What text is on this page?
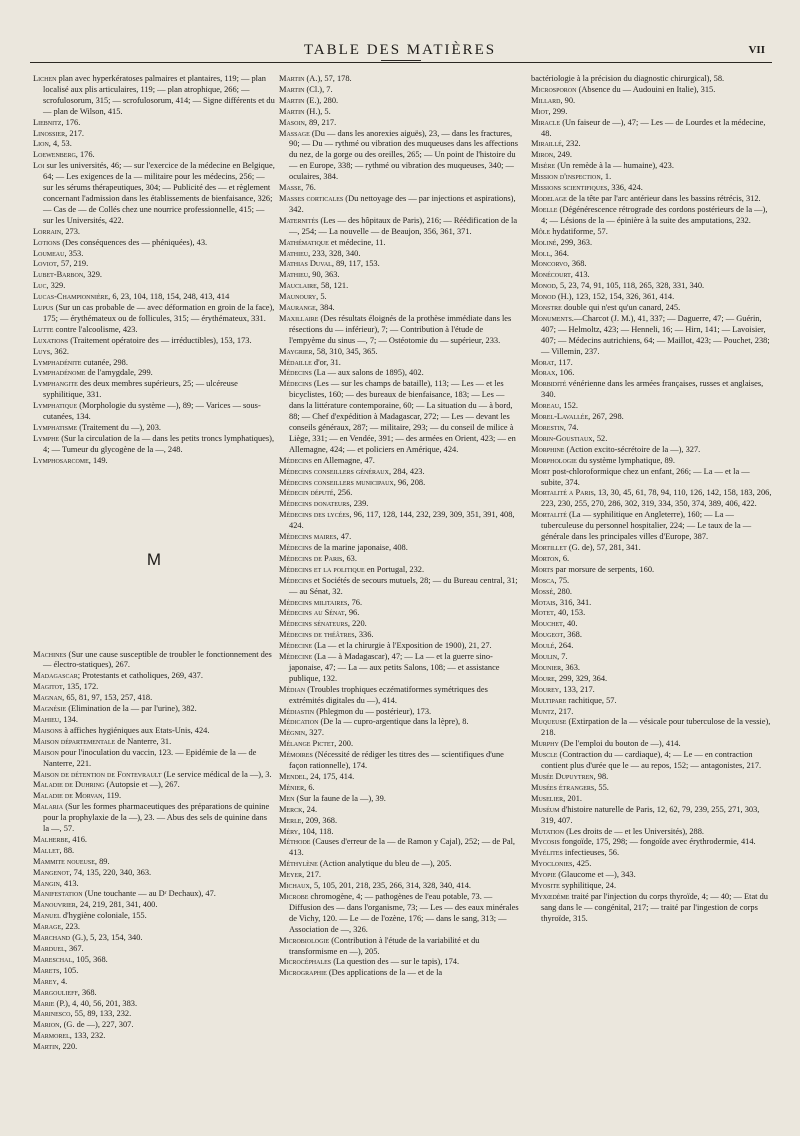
TABLE DES MATIÈRES	VII

Lichen plan avec hyperkératoses palmaires et plantaires, 119; — plan localisé aux plis articulaires, 119; — plan atrophique, 266; — scrofulosorum, 315; — scrofulosorum, 414; — Signe différents et du — plan de Wilson, 415.

Liebnitz, 176.

Linossier, 217.

Lion, 4, 53.

Loewenberg, 176.

Loi sur les universités, 46; — sur l'exercice de la médecine en Belgique, 64; — Les exigences de la — militaire pour les médecins, 256; — sur les sérums thérapeutiques, 304; — Publicité des — et règlement concernant l'admission dans les établissements de bienfaisance, 326; — Cas de — de Collés chez une nourrice professionnelle, 415; — sur les Universités, 422.

Lorrain, 273.

Lotions (Des conséquences des — phéniquées), 43.

Loumeau, 353.

Loviot, 57, 219.

Lubet-Barbon, 329.

Luc, 329.

Lucas-Championnière, 6, 23, 104, 118, 154, 248, 413, 414

Lupus (Sur un cas probable de — avec déformation en groin de la face), 175; — érythémateux ou de follicules, 315; — érythémateux, 331.

Lutte contre l'alcoolisme, 423.

Luxations (Traitement opératoire des — irréductibles), 153, 173.

Luys, 362.

Lymphadénite cutanée, 298.

Lymphadénome de l'amygdale, 299.

Lymphangite des deux membres supérieurs, 25; — ulcéreuse syphilitique, 331.

Lymphatique (Morphologie du système —), 89; — Varices — sous-cutanées, 134.

Lymphatisme (Traitement du —), 203.

Lymphe (Sur la circulation de la — dans les petits troncs lymphatiques), 4; — Tumeur du glycogène de la —, 248.

Lymphosarcome, 149.

M

Machines (Sur une cause susceptible de troubler le fonctionnement des — électro-statiques), 267.

Madagascar; Protestants et catholiques, 269, 437.

Magitot, 135, 172.

Magnan, 65, 81, 97, 153, 257, 418.

Magnésie (Elimination de la — par l'urine), 382.

Mahieu, 134.

Maisons à affiches hygiéniques aux Etats-Unis, 424.

Maison départementale de Nanterre, 31.

Maison pour l'inoculation du vaccin, 123. — Epidémie de la — de Nanterre, 221.

Maison de détention de Fontevrault (Le service médical de la —), 3.

Maladie de Duhring (Autopsie et —), 267.

Maladie de Morvan, 119.

Malaria (Sur les formes pharmaceutiques des préparations de quinine pour la prophylaxie de la —), 23. — Abus des sels de quinine dans la —, 57.

Malherbe, 416.

Mallet, 88.

Mammite noueuse, 89.

Mangenot, 74, 135, 220, 340, 363.

Mangin, 413.

Manifestation (Une touchante — au Dʳ Dechaux), 47.

Manouvrier, 24, 219, 281, 341, 400.

Manuel d'hygiène coloniale, 155.

Marage, 223.

Marchand (G.), 5, 23, 154, 340.

Marduel, 367.

Mareschal, 105, 368.

Marets, 105.

Marey, 4.

Margoulieff, 368.

Marie (P.), 4, 40, 56, 201, 383.

Marinesco, 55, 89, 133, 232.

Marion, (G. de —), 227, 307.

Marmorel, 133, 232.

Martin, 220.

Martin (A.), 57, 178.

Martin (Cl.), 7.

Martin (E.), 280.

Martin (H.), 5.

Masoin, 89, 217.

Massage (Du — dans les anorexies aiguës), 23, — dans les fractures, 90; — Du — rythmé ou vibration des muqueuses dans les affections du nez, de la gorge ou des oreilles, 265; — Un point de l'histoire du — en Europe, 338; — rythmé ou vibration des muqueuses, 340; — oculaires, 384.

Masse, 76.

Masses corticales (Du nettoyage des — par injections et aspirations), 342.

Maternités (Les — des hôpitaux de Paris), 216; — Réédification de la —, 254; — La nouvelle — de Beaujon, 356, 361, 371.

Mathématique et médecine, 11.

Mathieu, 233, 328, 340.

Mathias Duval, 89, 117, 153.

Mathieu, 90, 363.

Mauclaire, 58, 121.

Maunoury, 5.

Maurange, 384.

Maxillaire (Des résultats éloignés de la prothèse immédiate dans les résections du — inférieur), 7; — Contribution à l'étude de l'empyème du sinus —, 7; — Ostéotomie du — supérieur, 233.

Maygrier, 58, 310, 345, 365.

Médaille d'or, 31.

Médecins (La — aux salons de 1895), 402.

Médecins (Les — sur les champs de bataille), 113; — Les — et les bicyclistes, 160; — des bureaux de bienfaisance, 183; — Les — dans la littérature contemporaine, 60; — La situation du — à bord, 88; — Chef d'expédition à Madagascar, 272; — Les — devant les conseils généraux, 287; — militaire, 293; — du conseil de milice à Liège, 331; — en Vendée, 391; — des armées en Orient, 423; — en Allemagne, 424; — et policiers en Amérique, 424.

Médecins en Allemagne, 47.

Médecins conseillers généraux, 284, 423.

Médecins conseillers municipaux, 96, 208.

Médecin député, 256.

Médecins donateurs, 239.

Médecins des lycées, 96, 117, 128, 144, 232, 239, 309, 351, 391, 408, 424.

Médecins maires, 47.

Médecins de la marine japonaise, 408.

Médecins de Paris, 63.

Médecins et la politique en Portugal, 232.

Médecins et Sociétés de secours mutuels, 28; — du Bureau central, 31; — au Sénat, 32.

Médecins militaires, 76.

Médecins au Sénat, 96.

Médecins sénateurs, 220.

Médecins de théâtres, 336.

Médecine (La — et la chirurgie à l'Exposition de 1900), 21, 27.

Médecine (La — à Madagascar), 47; — La — et la guerre sino-japonaise, 47; — La — aux petits Salons, 108; — et assistance publique, 132.

Médian (Troubles trophiques eczématiformes symétriques des extrémités digitales du —), 414.

Médiastin (Phlegmon du — postérieur), 173.

Médication (De la — cupro-argentique dans la lèpre), 8.

Mégnin, 327.

Mélange Pictet, 200.

Mémoires (Nécessité de rédiger les titres des — scientifiques d'une façon rationnelle), 174.

Mendel, 24, 175, 414.

Ménier, 6.

Men (Sur la faune de la —), 39.

Merck, 24.

Merle, 209, 368.

Méry, 104, 118.

Méthode (Causes d'erreur de la — de Ramon y Cajal), 252; — de Pal, 413.

Méthylène (Action analytique du bleu de —), 205.

Meyer, 217.

Michaux, 5, 105, 201, 218, 235, 266, 314, 328, 340, 414.

Microbe chromogène, 4; — pathogènes de l'eau potable, 73. — Diffusion des — dans l'organisme, 73; — Les — des eaux minérales de Vichy, 120. — Le — de l'ozène, 176; — dans le sang, 313; — Association de —, 326.

Microbiologie (Contribution à l'étude de la variabilité et du transformisme en —), 205.

Microcéphales (La question des — sur le tapis), 174.

Micrographie (Des applications de la — et de la

bactériologie à la précision du diagnostic chirurgical), 58.

Microsporon (Absence du — Audouini en Italie), 315.

Millard, 90.

Miot, 299.

Miracle (Un faiseur de —), 47; — Les — de Lourdes et la médecine, 48.

Miraillé, 232.

Miron, 249.

Misère (Un remède à la — humaine), 423.

Mission d'inspection, 1.

Missions scientifiques, 336, 424.

Modelage de la tête par l'arc antérieur dans les bassins rétrécis, 312.

Moelle (Dégénérescence rétrograde des cordons postérieurs de la —), 4; — Lésions de la — épinière à la suite des amputations, 232.

Môle hydatiforme, 57.

Moliné, 299, 363.

Moll, 364.

Moncorvo, 368.

Monécourt, 413.

Monod, 5, 23, 74, 91, 105, 118, 265, 328, 331, 340.

Monod (H.), 123, 152, 154, 326, 361, 414.

Monstre double qui n'est qu'un canard, 245.

Monuments.—Charcot (J. M.), 41, 337; — Daguerre, 47; — Guérin, 407; — Helmoltz, 423; — Henneli, 16; — Hirn, 141; — Lavoisier, 407; — Médecins autrichiens, 64; — Maillot, 423; — Pouchet, 238; — Villemin, 237.

Morat, 117.

Morax, 106.

Morbidité vénérienne dans les armées françaises, russes et anglaises, 340.

Moreau, 152.

Morel-Lavallée, 267, 298.

Morestin, 74.

Morin-Goustiaux, 52.

Morphine (Action excito-sécrétoire de la —), 327.

Morphologie du système lymphatique, 89.

Mort post-chloroformique chez un enfant, 266; — La — et la — subite, 374.

Mortalité a Paris, 13, 30, 45, 61, 78, 94, 110, 126, 142, 158, 183, 206, 223, 230, 255, 270, 286, 302, 319, 334, 350, 374, 389, 406, 422.

Mortalité (La — syphilitique en Angleterre), 160; — La — tuberculeuse du personnel hospitalier, 224; — Le taux de la — générale dans les principales villes d'Europe, 387.

Mortillet (G. de), 57, 281, 341.

Morton, 6.

Morts par morsure de serpents, 160.

Mosca, 75.

Mossé, 280.

Motais, 316, 341.

Motet, 40, 153.

Mouchet, 40.

Mougeot, 368.

Moulé, 264.

Moulin, 7.

Mounier, 363.

Moure, 299, 329, 364.

Mourey, 133, 217.

Multipare rachitique, 57.

Muntz, 217.

Muqueuse (Extirpation de la — vésicale pour tuberculose de la vessie), 218.

Murphy (De l'emploi du bouton de —), 414.

Muscle (Contraction du — cardiaque), 4; — Le — en contraction contient plus d'urée que le — au repos, 152; — antagonistes, 217.

Musée Dupuytren, 98.

Musées étrangers, 55.

Muselier, 201.

Muséum d'histoire naturelle de Paris, 12, 62, 79, 239, 255, 271, 303, 319, 407.

Mutation (Les droits de — et les Universités), 288.

Mycosis fongoïde, 175, 298; — fongoïde avec érythrodermie, 414.

Myélites infectieuses, 56.

Myoclonies, 425.

Myopie (Glaucome et —), 343.

Myosite syphilitique, 24.

Myxœdème traité par l'injection du corps thyroïde, 4; — 40; — Etat du sang dans le — congénital, 217; — traité par l'ingestion de corps thyroïde, 315.
